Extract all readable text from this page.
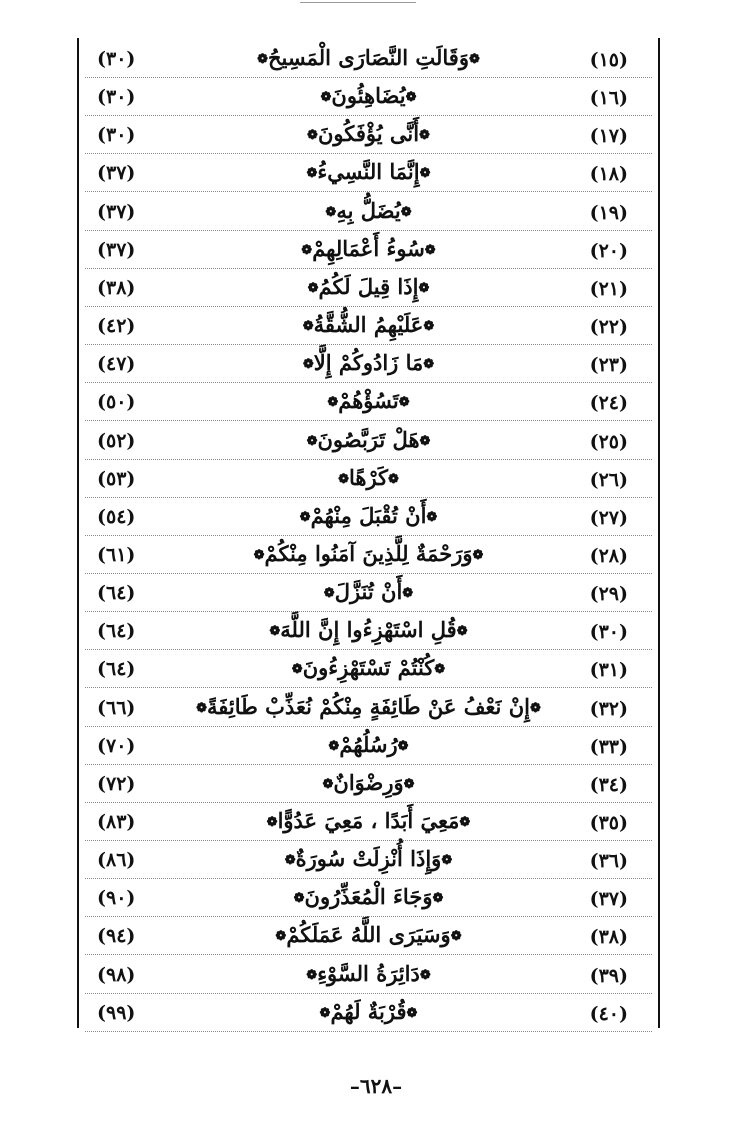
(٣٠)	❁وَقَالَتِ النَّصَارَى الْمَسِيحُ❁	(١٥)
(٣٠)	❁يُضَاهِئُونَ❁	(١٦)
(٣٠)	❁أَنَّى يُؤْفَكُونَ❁	(١٧)
(٣٧)	❁إِنَّمَا النَّسِيءُ❁	(١٨)
(٣٧)	❁يُضَلُّ بِهِ❁	(١٩)
(٣٧)	❁سُوءُ أَعْمَالِهِمْ❁	(٢٠)
(٣٨)	❁إِذَا قِيلَ لَكُمُ❁	(٢١)
(٤٢)	❁عَلَيْهِمُ الشُّقَّةُ❁	(٢٢)
(٤٧)	❁مَا زَادُوكُمْ إِلَّا❁	(٢٣)
(٥٠)	❁تَسُؤْهُمْ❁	(٢٤)
(٥٢)	❁هَلْ تَرَبَّصُونَ❁	(٢٥)
(٥٣)	❁كَرْهًا❁	(٢٦)
(٥٤)	❁أَنْ تُقْبَلَ مِنْهُمْ❁	(٢٧)
(٦١)	❁وَرَحْمَةٌ لِلَّذِينَ آمَنُوا مِنْكُمْ❁	(٢٨)
(٦٤)	❁أَنْ تُنَزَّلَ❁	(٢٩)
(٦٤)	❁قُلِ اسْتَهْزِءُوا إِنَّ اللَّهَ❁	(٣٠)
(٦٤)	❁كُنْتُمْ تَسْتَهْزِءُونَ❁	(٣١)
(٦٦)	❁إِنْ نَعْفُ عَنْ طَائِفَةٍ مِنْكُمْ نُعَذِّبْ طَائِفَةً❁	(٣٢)
(٧٠)	❁رُسُلُهُمْ❁	(٣٣)
(٧٢)	❁وَرِضْوَانٌ❁	(٣٤)
(٨٣)	❁مَعِيَ أَبَدًا ، مَعِيَ عَدُوًّا❁	(٣٥)
(٨٦)	❁وَإِذَا أُنْزِلَتْ سُورَةٌ❁	(٣٦)
(٩٠)	❁وَجَاءَ الْمُعَذِّرُونَ❁	(٣٧)
(٩٤)	❁وَسَيَرَى اللَّهُ عَمَلَكُمْ❁	(٣٨)
(٩٨)	❁دَائِرَةُ السَّوْءِ❁	(٣٩)
(٩٩)	❁قُرْبَةٌ لَهُمْ❁	(٤٠)
–٦٢٨–
